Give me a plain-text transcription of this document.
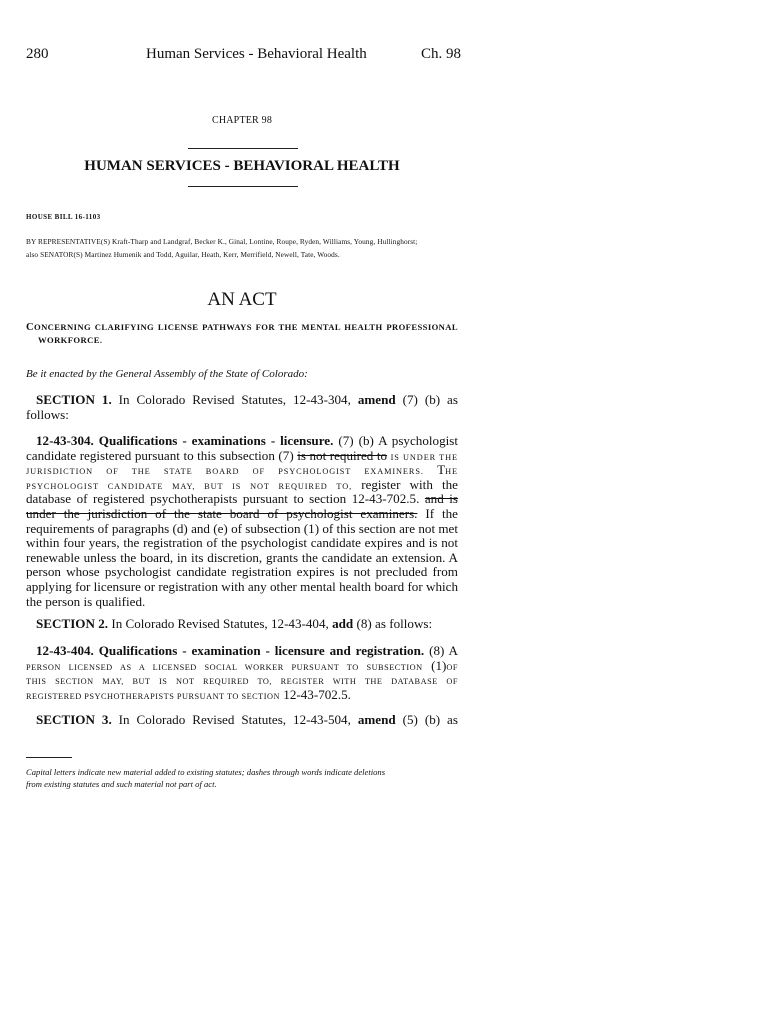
280	Human Services - Behavioral Health	Ch. 98
CHAPTER 98
HUMAN SERVICES - BEHAVIORAL HEALTH
HOUSE BILL 16-1103
BY REPRESENTATIVE(S) Kraft-Tharp and Landgraf, Becker K., Ginal, Lontine, Roupe, Ryden, Williams, Young, Hullinghorst;
also SENATOR(S) Martinez Humenik and Todd, Aguilar, Heath, Kerr, Merrifield, Newell, Tate, Woods.
AN ACT
CONCERNING CLARIFYING LICENSE PATHWAYS FOR THE MENTAL HEALTH PROFESSIONAL
WORKFORCE.
Be it enacted by the General Assembly of the State of Colorado:
SECTION 1. In Colorado Revised Statutes, 12-43-304, amend (7) (b) as
follows:
12-43-304. Qualifications - examinations - licensure. (7) (b) A psychologist
candidate registered pursuant to this subsection (7) is not required to IS UNDER THE
JURISDICTION OF THE STATE BOARD OF PSYCHOLOGIST EXAMINERS. THE
PSYCHOLOGIST CANDIDATE MAY, BUT IS NOT REQUIRED TO, register with the
database of registered psychotherapists pursuant to section 12-43-702.5. and is
under the jurisdiction of the state board of psychologist examiners. If the
requirements of paragraphs (d) and (e) of subsection (1) of this section are not met
within four years, the registration of the psychologist candidate expires and is not
renewable unless the board, in its discretion, grants the candidate an extension. A
person whose psychologist candidate registration expires is not precluded from
applying for licensure or registration with any other mental health board for which
the person is qualified.
SECTION 2. In Colorado Revised Statutes, 12-43-404, add (8) as follows:
12-43-404. Qualifications - examination - licensure and registration. (8) A
PERSON LICENSED AS A LICENSED SOCIAL WORKER PURSUANT TO SUBSECTION (1)OF
THIS SECTION MAY, BUT IS NOT REQUIRED TO, REGISTER WITH THE DATABASE OF
REGISTERED PSYCHOTHERAPISTS PURSUANT TO SECTION 12-43-702.5.
SECTION 3. In Colorado Revised Statutes, 12-43-504, amend (5) (b) as
Capital letters indicate new material added to existing statutes; dashes through words indicate deletions
from existing statutes and such material not part of act.
